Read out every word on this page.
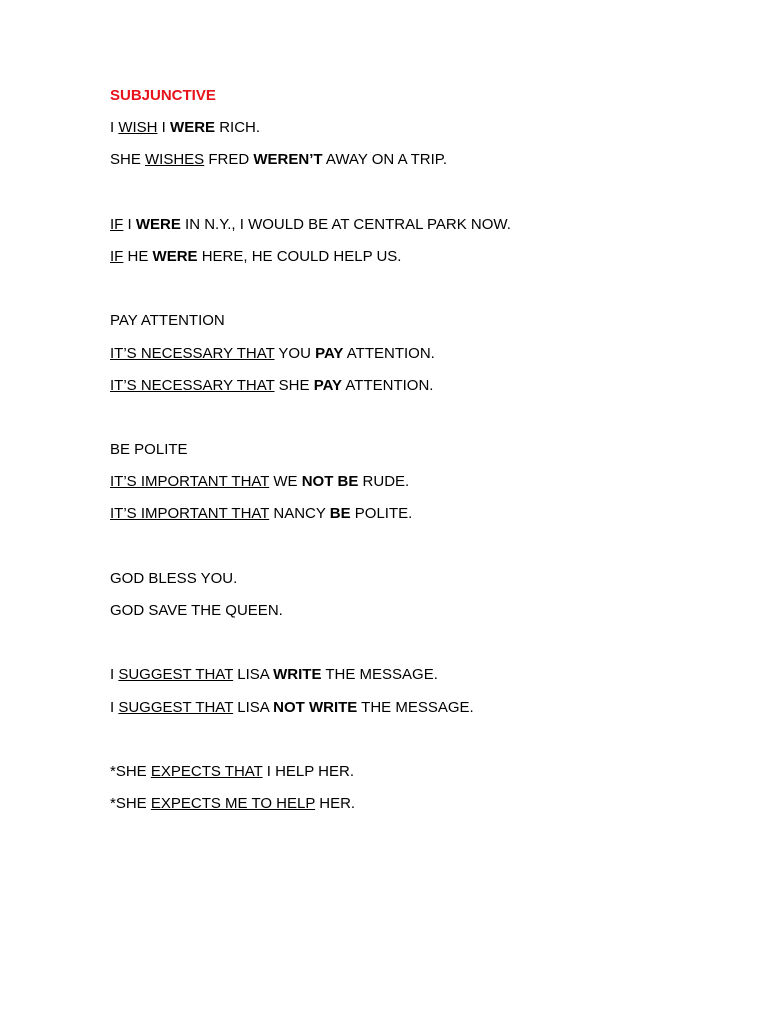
SUBJUNCTIVE
I WISH I WERE RICH.
SHE WISHES FRED WEREN’T AWAY ON A TRIP.
IF I WERE IN N.Y., I WOULD BE AT CENTRAL PARK NOW.
IF HE WERE HERE, HE COULD HELP US.
PAY ATTENTION
IT’S NECESSARY THAT YOU PAY ATTENTION.
IT’S NECESSARY THAT SHE PAY ATTENTION.
BE POLITE
IT’S IMPORTANT THAT WE NOT BE RUDE.
IT’S IMPORTANT THAT NANCY BE POLITE.
GOD BLESS YOU.
GOD SAVE THE QUEEN.
I SUGGEST THAT LISA WRITE THE MESSAGE.
I SUGGEST THAT LISA NOT WRITE THE MESSAGE.
*SHE EXPECTS THAT I HELP HER.
*SHE EXPECTS ME TO HELP HER.
